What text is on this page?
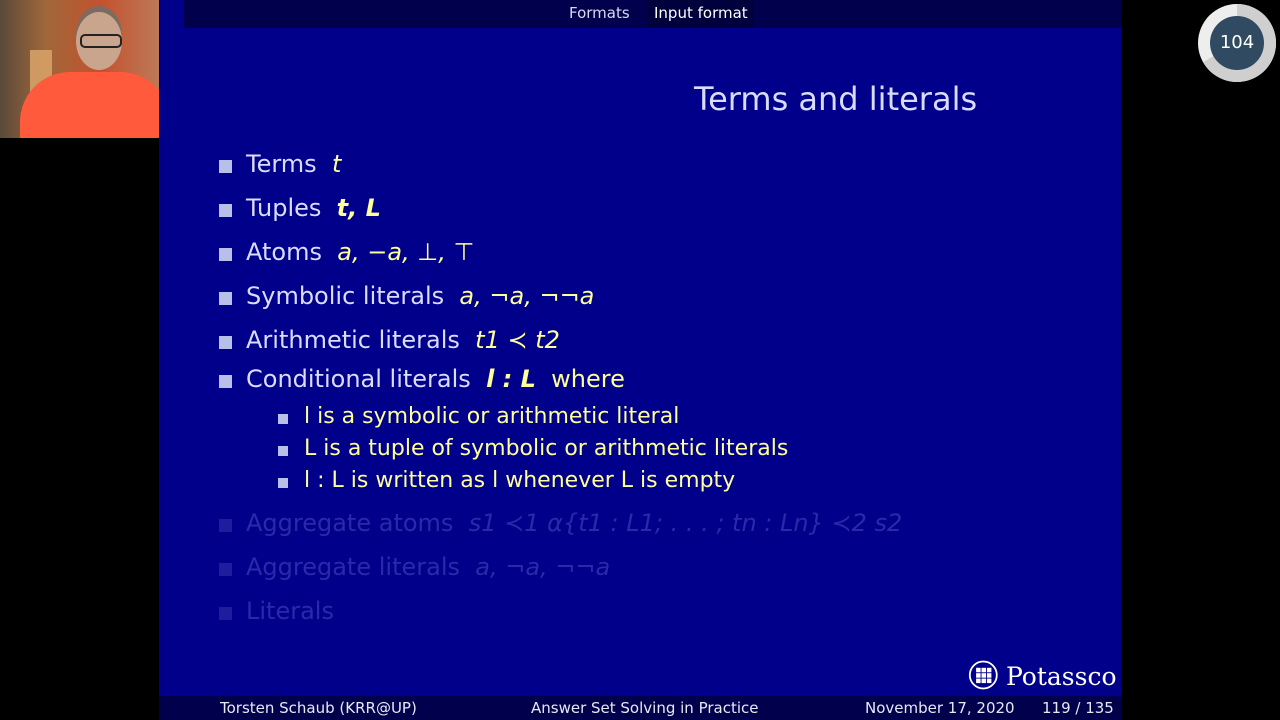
Formats	Input format
Terms and literals
Terms t
Tuples t, L
Atoms a, −a, ⊥, ⊤
Symbolic literals a, ¬a, ¬¬a
Arithmetic literals t1 ≺ t2
Conditional literals l : L where
l is a symbolic or arithmetic literal
L is a tuple of symbolic or arithmetic literals
l : L is written as l whenever L is empty
Aggregate atoms s1 ≺1 α{t1 : L1; . . . ; tn : Ln} ≺2 s2
Aggregate literals a, ¬a, ¬¬a
Literals
104
Potassco
Torsten Schaub (KRR@UP)	Answer Set Solving in Practice	November 17, 2020 119 / 135
